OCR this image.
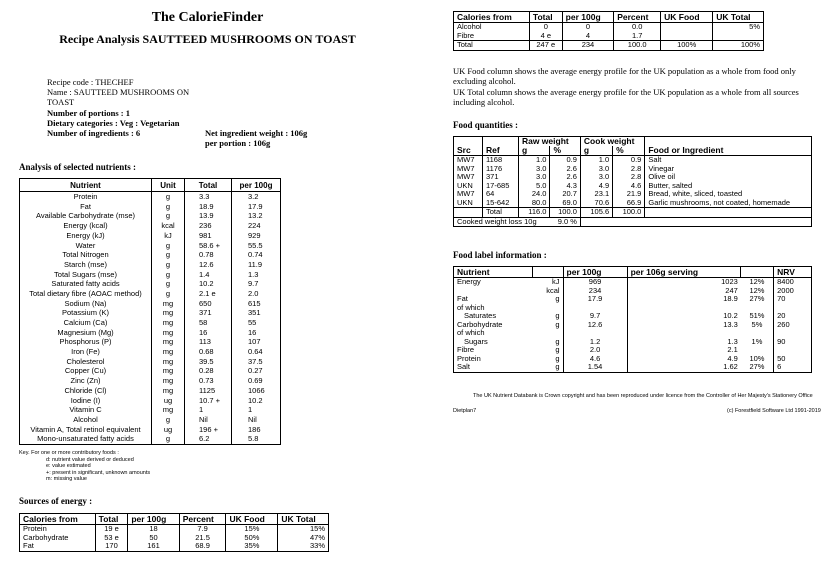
The CalorieFinder
Recipe Analysis SAUTTEED MUSHROOMS ON TOAST
Recipe code : THECHEF
Name : SAUTTEED MUSHROOMS ON
TOAST
Number of portions : 1
Dietary categories : Veg : Vegetarian
Number of ingredients : 6	Net ingredient weight : 106g
per portion : 106g
Analysis of selected nutrients :
Nutrient	Unit	Total	per 100g
Protein	g	3.3	3.2
Fat	g	18.9	17.9
Available Carbohydrate (mse)	g	13.9	13.2
Energy (kcal)	kcal	236	224
Energy (kJ)	kJ	981	929
Water	g	58.6 +	55.5
Total Nitrogen	g	0.78	0.74
Starch (mse)	g	12.6	11.9
Total Sugars (mse)	g	1.4	1.3
Saturated fatty acids	g	10.2	9.7
Total dietary fibre (AOAC method)	g	2.1 e	2.0
Sodium (Na)	mg	650	615
Potassium (K)	mg	371	351
Calcium (Ca)	mg	58	55
Magnesium (Mg)	mg	16	16
Phosphorus (P)	mg	113	107
Iron (Fe)	mg	0.68	0.64
Cholesterol	mg	39.5	37.5
Copper (Cu)	mg	0.28	0.27
Zinc (Zn)	mg	0.73	0.69
Chloride (Cl)	mg	1125	1066
Iodine (I)	ug	10.7 +	10.2
Vitamin C	mg	1	1
Alcohol	g	Nil	Nil
Vitamin A, Total retinol equivalent	ug	196 +	186
Mono-unsaturated fatty acids	g	6.2	5.8
Key. For one or more contributory foods :
d: nutrient value derived or deduced
e: value estimated
+: present in significant, unknown amounts
m: missing value
Sources of energy :
Calories from	Total	per 100g	Percent	UK Food	UK Total
Protein	19 e	18	7.9	15%	15%
Carbohydrate	53 e	50	21.5	50%	47%
Fat	170	161	68.9	35%	33%
Calories from	Total	per 100g	Percent	UK Food	UK Total
Alcohol	0	0	0.0		5%
Fibre	4 e	4	1.7		
Total	247 e	234	100.0	100%	100%
UK Food column shows the average energy profile for the UK population as a whole from food only excluding alcohol.
UK Total column shows the average energy profile for the UK population as a whole from all sources including alcohol.
Food quantities :
Src	Ref	Raw weight		Cook weight		Food or Ingredient
		g	%	g	%	
MW7	1168	1.0	0.9	1.0	0.9	Salt
MW7	1176	3.0	2.6	3.0	2.8	Vinegar
MW7	371	3.0	2.6	3.0	2.8	Olive oil
UKN	17-685	5.0	4.3	4.9	4.6	Butter, salted
MW7	64	24.0	20.7	23.1	21.9	Bread, white, sliced, toasted
UKN	15-642	80.0	69.0	70.6	66.9	Garlic mushrooms, not coated, homemade
	Total	116.0	100.0	105.6	100.0	
Cooked weight loss 10g			9.0 %			
Food label information :
Nutrient		per 100g	per 106g serving		NRV
Energy	kJ	969	1023	12%	8400
	kcal	234	247	12%	2000
Fat	g	17.9	18.9	27%	70
of which					
Saturates	g	9.7	10.2	51%	20
Carbohydrate	g	12.6	13.3	5%	260
of which					
Sugars	g	1.2	1.3	1%	90
Fibre	g	2.0	2.1		
Protein	g	4.6	4.9	10%	50
Salt	g	1.54	1.62	27%	6
The UK Nutrient Databank is Crown copyright and has been reproduced under licence from the Controller of Her Majesty's Stationery Office
Dietplan7	(c) Forestfield Software Ltd 1991-2019
